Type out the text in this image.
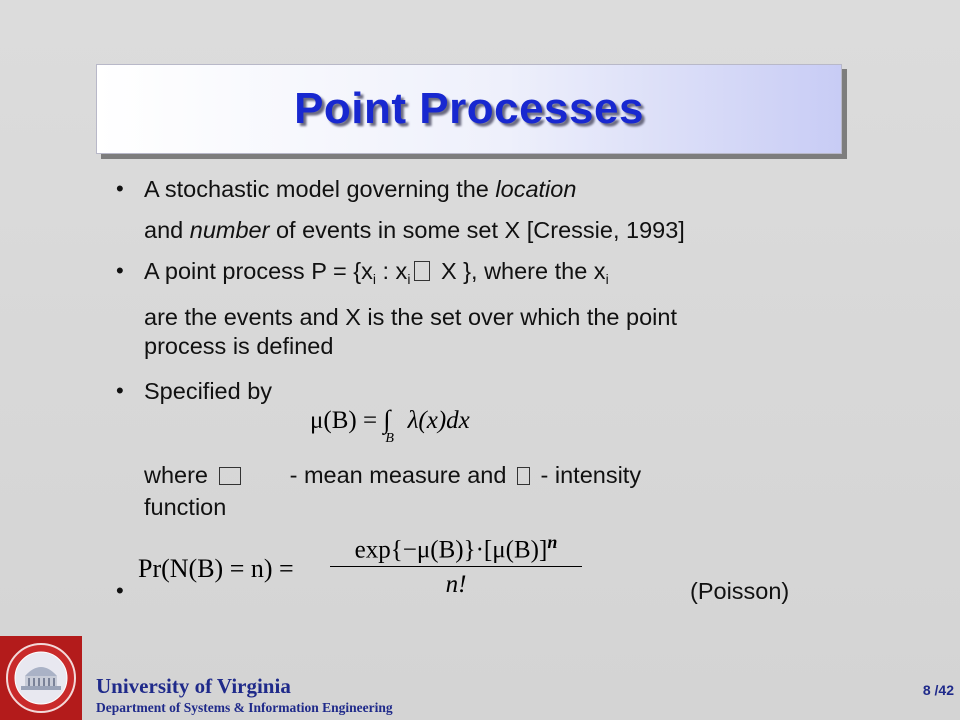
Point Processes
• A stochastic model governing the location
and number of events in some set X [Cressie, 1993]
• A point process $P = \{x_i$ : $x_i$ X }, where the $x_i$
are the events and X is the set over which the point
process is defined
• Specified by
μ(B) = ∫
B
λ(x)dx
where	- mean measure and  - intensity
function
Pr(N(B) = n) =
$\exp\{-\mu(B)\}\cdot[\mu(B)]^n$
n!
•	(Poisson)
University of Virginia
Department of Systems & Information Engineering
8 /42
